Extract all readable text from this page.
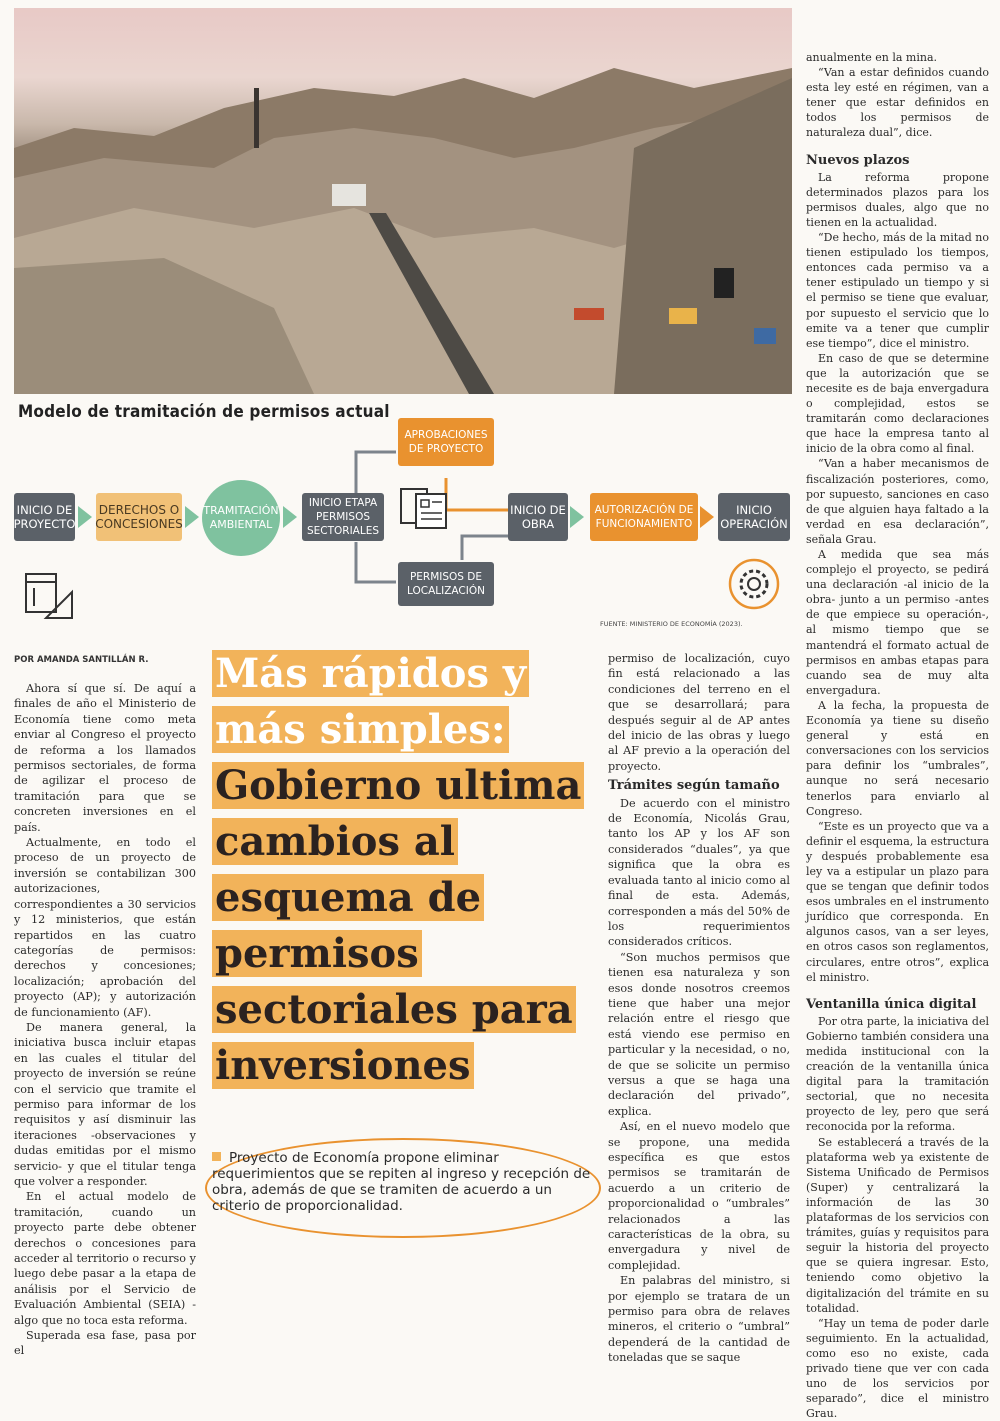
Modelo de tramitación de permisos actual
INICIO DE PROYECTO
DERECHOS O CONCESIONES
TRAMITACIÓN AMBIENTAL
INICIO ETAPA PERMISOS SECTORIALES
APROBACIONES DE PROYECTO
PERMISOS DE LOCALIZACIÓN
INICIO DE OBRA
AUTORIZACIÓN DE FUNCIONAMIENTO
INICIO OPERACIÓN
FUENTE: MINISTERIO DE ECONOMÍA (2023).
POR AMANDA SANTILLÁN R.

Ahora sí que sí. De aquí a finales de año el Ministerio de Economía tiene como meta enviar al Congreso el proyecto de reforma a los llamados permisos sectoriales, de forma de agilizar el proceso de tramitación para que se concreten inversiones en el país.

Actualmente, en todo el proceso de un proyecto de inversión se contabilizan 300 autorizaciones, correspondientes a 30 servicios y 12 ministerios, que están repartidos en las cuatro categorías de permisos: derechos y concesiones; localización; aprobación del proyecto (AP); y autorización de funcionamiento (AF).

De manera general, la iniciativa busca incluir etapas en las cuales el titular del proyecto de inversión se reúne con el servicio que tramite el permiso para informar de los requisitos y así disminuir las iteraciones -observaciones y dudas emitidas por el mismo servicio- y que el titular tenga que volver a responder.

En el actual modelo de tramitación, cuando un proyecto parte debe obtener derechos o concesiones para acceder al territorio o recurso y luego debe pasar a la etapa de análisis por el Servicio de Evaluación Ambiental (SEIA) -algo que no toca esta reforma.

Superada esa fase, pasa por el

Más rápidos y más simples: Gobierno ultima cambios al esquema de permisos sectoriales para inversiones
Proyecto de Economía propone eliminar requerimientos que se repiten al ingreso y recepción de obra, además de que se tramiten de acuerdo a un criterio de proporcionalidad.

permiso de localización, cuyo fin está relacionado a las condiciones del terreno en el que se desarrollará; para después seguir al de AP antes del inicio de las obras y luego al AF previo a la operación del proyecto.

Trámites según tamaño

De acuerdo con el ministro de Economía, Nicolás Grau, tanto los AP y los AF son considerados “duales”, ya que significa que la obra es evaluada tanto al inicio como al final de esta. Además, corresponden a más del 50% de los requerimientos considerados críticos.

“Son muchos permisos que tienen esa naturaleza y son esos donde nosotros creemos tiene que haber una mejor relación entre el riesgo que está viendo ese permiso en particular y la necesidad, o no, de que se solicite un permiso versus a que se haga una declaración del privado”, explica.

Así, en el nuevo modelo que se propone, una medida específica es que estos permisos se tramitarán de acuerdo a un criterio de proporcionalidad o “umbrales” relacionados a las características de la obra, su envergadura y nivel de complejidad.

En palabras del ministro, si por ejemplo se tratara de un permiso para obra de relaves mineros, el criterio o “umbral” dependerá de la cantidad de toneladas que se saque

anualmente en la mina.

“Van a estar definidos cuando esta ley esté en régimen, van a tener que estar definidos en todos los permisos de naturaleza dual”, dice.

Nuevos plazos

La reforma propone determinados plazos para los permisos duales, algo que no tienen en la actualidad.

“De hecho, más de la mitad no tienen estipulado los tiempos, entonces cada permiso va a tener estipulado un tiempo y si el permiso se tiene que evaluar, por supuesto el servicio que lo emite va a tener que cumplir ese tiempo”, dice el ministro.

En caso de que se determine que la autorización que se necesite es de baja envergadura o complejidad, estos se tramitarán como declaraciones que hace la empresa tanto al inicio de la obra como al final.

“Van a haber mecanismos de fiscalización posteriores, como, por supuesto, sanciones en caso de que alguien haya faltado a la verdad en esa declaración”, señala Grau.

A medida que sea más complejo el proyecto, se pedirá una declaración -al inicio de la obra- junto a un permiso -antes de que empiece su operación-, al mismo tiempo que se mantendrá el formato actual de permisos en ambas etapas para cuando sea de muy alta envergadura.

A la fecha, la propuesta de Economía ya tiene su diseño general y está en conversaciones con los servicios para definir los “umbrales”, aunque no será necesario tenerlos para enviarlo al Congreso.

“Este es un proyecto que va a definir el esquema, la estructura y después probablemente esa ley va a estipular un plazo para que se tengan que definir todos esos umbrales en el instrumento jurídico que corresponda. En algunos casos, van a ser leyes, en otros casos son reglamentos, circulares, entre otros”, explica el ministro.

Ventanilla única digital

Por otra parte, la iniciativa del Gobierno también considera una medida institucional con la creación de la ventanilla única digital para la tramitación sectorial, que no necesita proyecto de ley, pero que será reconocida por la reforma.

Se establecerá a través de la plataforma web ya existente de Sistema Unificado de Permisos (Super) y centralizará la información de las 30 plataformas de los servicios con trámites, guías y requisitos para seguir la historia del proyecto que se quiera ingresar. Esto, teniendo como objetivo la digitalización del trámite en su totalidad.

“Hay un tema de poder darle seguimiento. En la actualidad, como eso no existe, cada privado tiene que ver con cada uno de los servicios por separado”, dice el ministro Grau.
